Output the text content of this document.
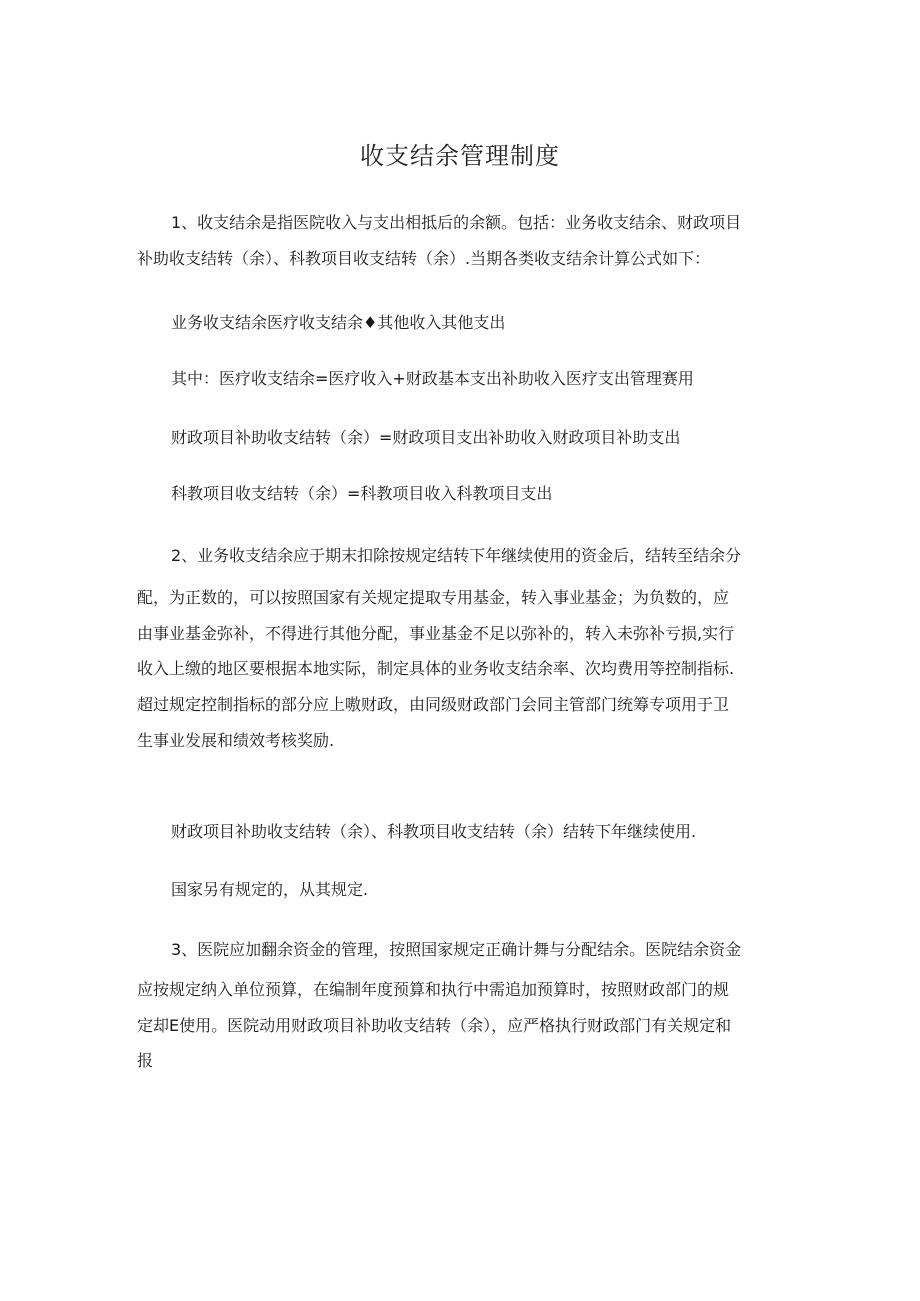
收支结余管理制度
1、收支结余是指医院收入与支出相抵后的余额。包括：业务收支结余、财政项目
补助收支结转（余）、科教项目收支结转（余）.当期各类收支结余计算公式如下：
业务收支结余医疗收支结余♦其他收入其他支出
其中：医疗收支结余=医疗收入+财政基本支出补助收入医疗支出管理赛用
财政项目补助收支结转（余）=财政项目支出补助收入财政项目补助支出
科教项目收支结转（余）=科教项目收入科教项目支出
2、业务收支结余应于期末扣除按规定结转下年继续使用的资金后，结转至结余分
配，为正数的，可以按照国家有关规定提取专用基金，转入事业基金；为负数的，应
由事业基金弥补，不得进行其他分配，事业基金不足以弥补的，转入未弥补亏损,实行
收入上缴的地区要根据本地实际，制定具体的业务收支结余率、次均费用等控制指标.
超过规定控制指标的部分应上嗷财政，由同级财政部门会同主管部门统筹专项用于卫
生事业发展和绩效考核奖励.
财政项目补助收支结转（余）、科教项目收支结转（余）结转下年继续使用.
国家另有规定的，从其规定.
3、医院应加翻余资金的管理，按照国家规定正确计舞与分配结余。医院结余资金
应按规定纳入单位预算，在编制年度预算和执行中需追加预算时，按照财政部门的规
定却E使用。医院动用财政项目补助收支结转（余），应严格执行财政部门有关规定和
报
